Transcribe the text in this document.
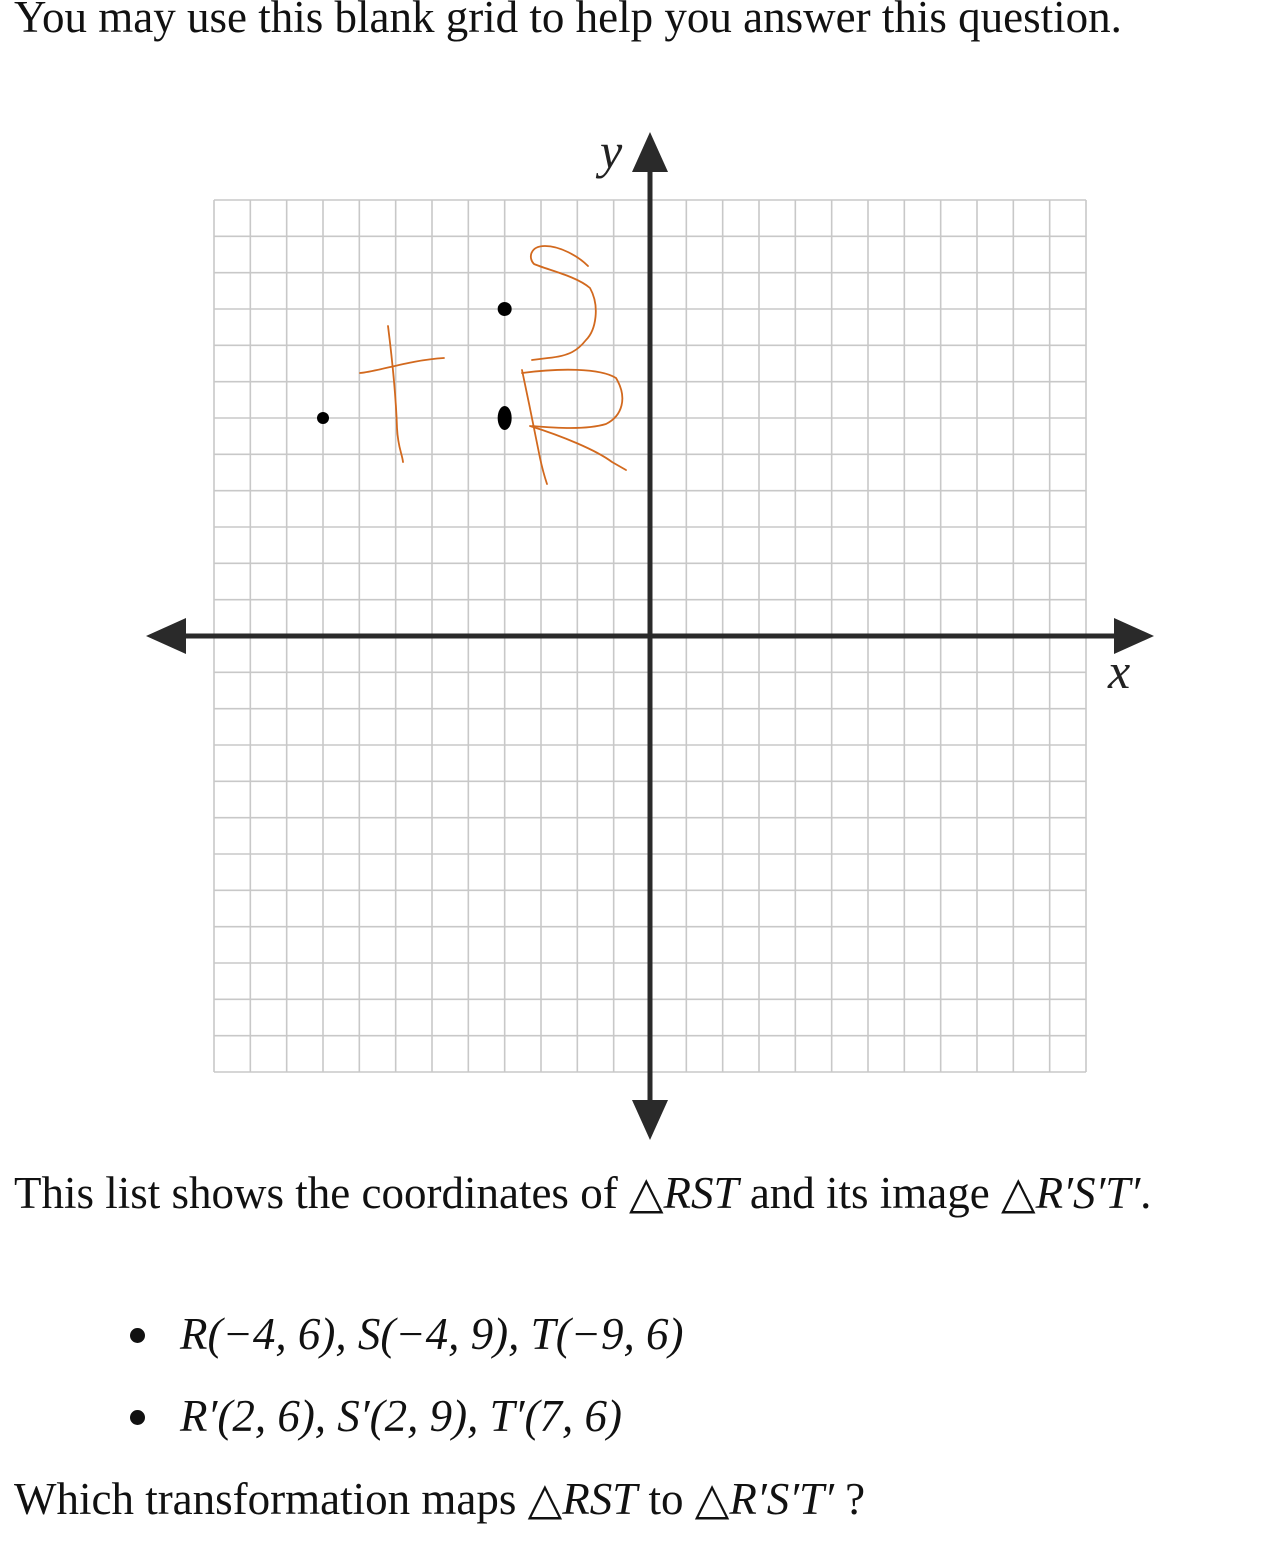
You may use this blank grid to help you answer this question.

x
y

This list shows the coordinates of △RST and its image △R′S′T′.

R(−4, 6), S(−4, 9), T(−9, 6)
R′(2, 6), S′(2, 9), T′(7, 6)

Which transformation maps △RST to △R′S′T′ ?
